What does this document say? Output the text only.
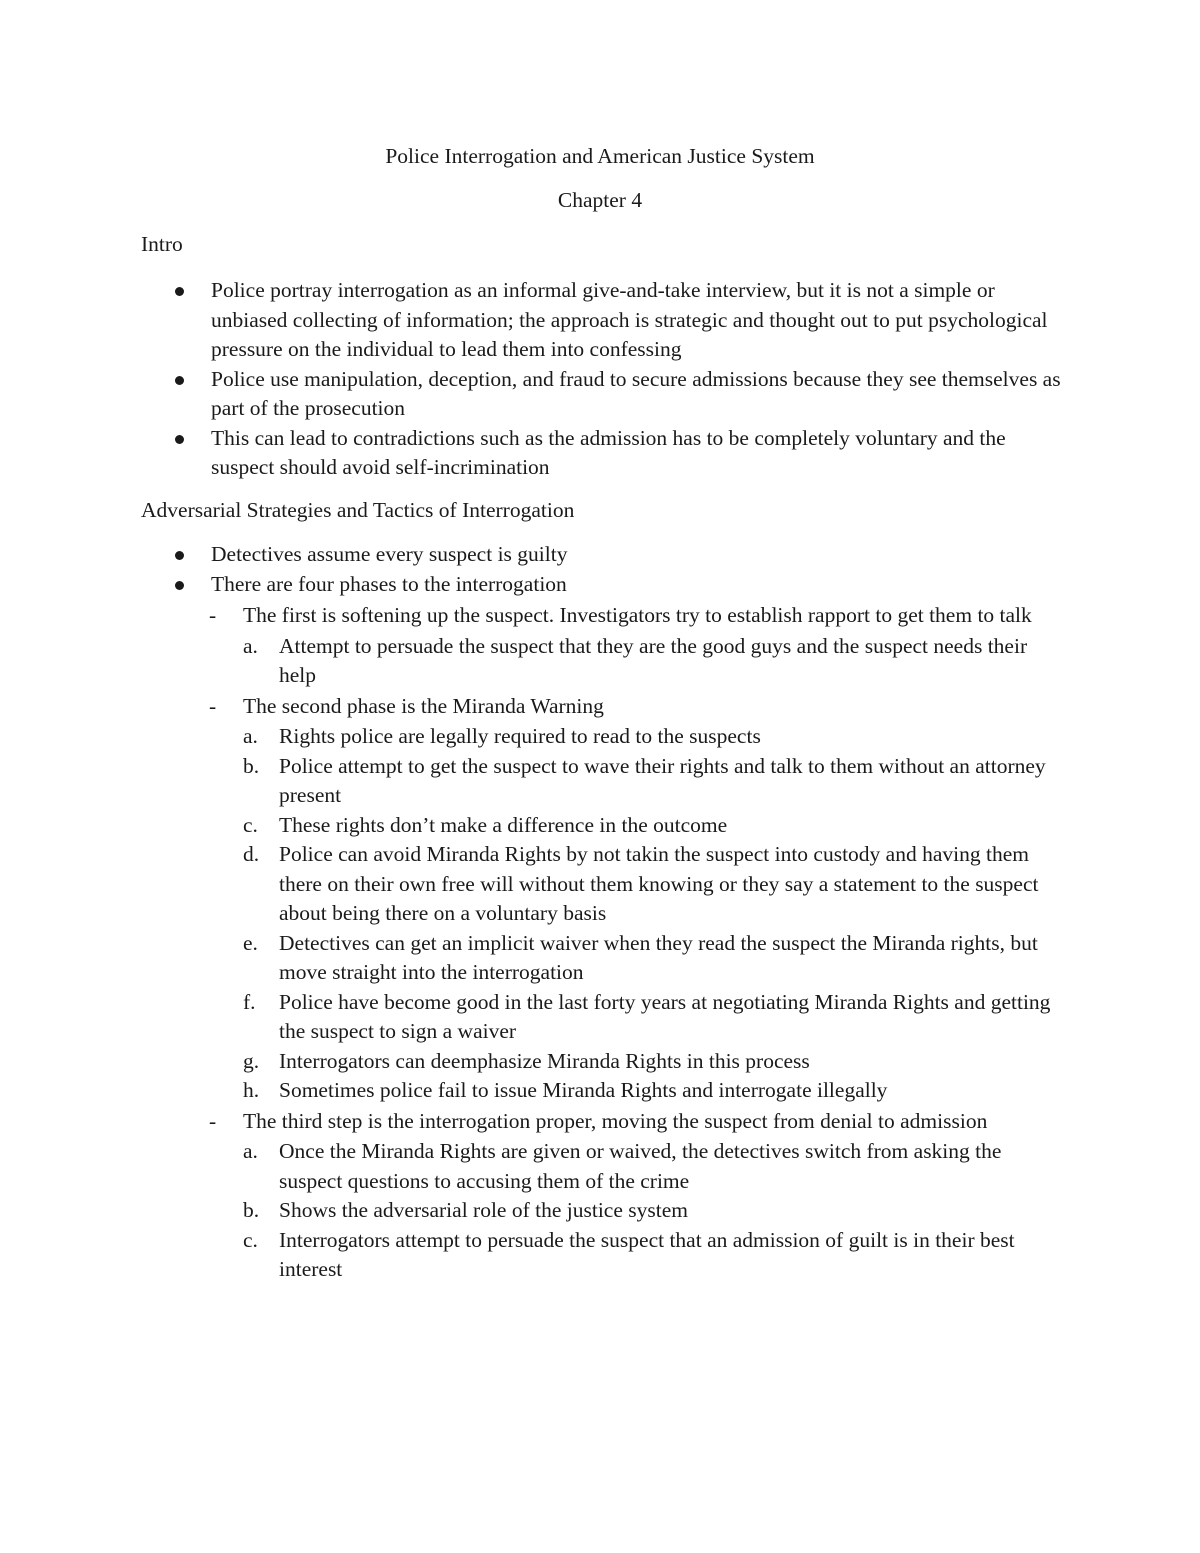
Police Interrogation and American Justice System
Chapter 4
Intro
Police portray interrogation as an informal give-and-take interview, but it is not a simple or unbiased collecting of information; the approach is strategic and thought out to put psychological pressure on the individual to lead them into confessing
Police use manipulation, deception, and fraud to secure admissions because they see themselves as part of the prosecution
This can lead to contradictions such as the admission has to be completely voluntary and the suspect should avoid self-incrimination
Adversarial Strategies and Tactics of Interrogation
Detectives assume every suspect is guilty
There are four phases to the interrogation
- The first is softening up the suspect. Investigators try to establish rapport to get them to talk
a. Attempt to persuade the suspect that they are the good guys and the suspect needs their help
- The second phase is the Miranda Warning
a. Rights police are legally required to read to the suspects
b. Police attempt to get the suspect to wave their rights and talk to them without an attorney present
c. These rights don’t make a difference in the outcome
d. Police can avoid Miranda Rights by not takin the suspect into custody and having them there on their own free will without them knowing or they say a statement to the suspect about being there on a voluntary basis
e. Detectives can get an implicit waiver when they read the suspect the Miranda rights, but move straight into the interrogation
f. Police have become good in the last forty years at negotiating Miranda Rights and getting the suspect to sign a waiver
g. Interrogators can deemphasize Miranda Rights in this process
h. Sometimes police fail to issue Miranda Rights and interrogate illegally
- The third step is the interrogation proper, moving the suspect from denial to admission
a. Once the Miranda Rights are given or waived, the detectives switch from asking the suspect questions to accusing them of the crime
b. Shows the adversarial role of the justice system
c. Interrogators attempt to persuade the suspect that an admission of guilt is in their best interest
